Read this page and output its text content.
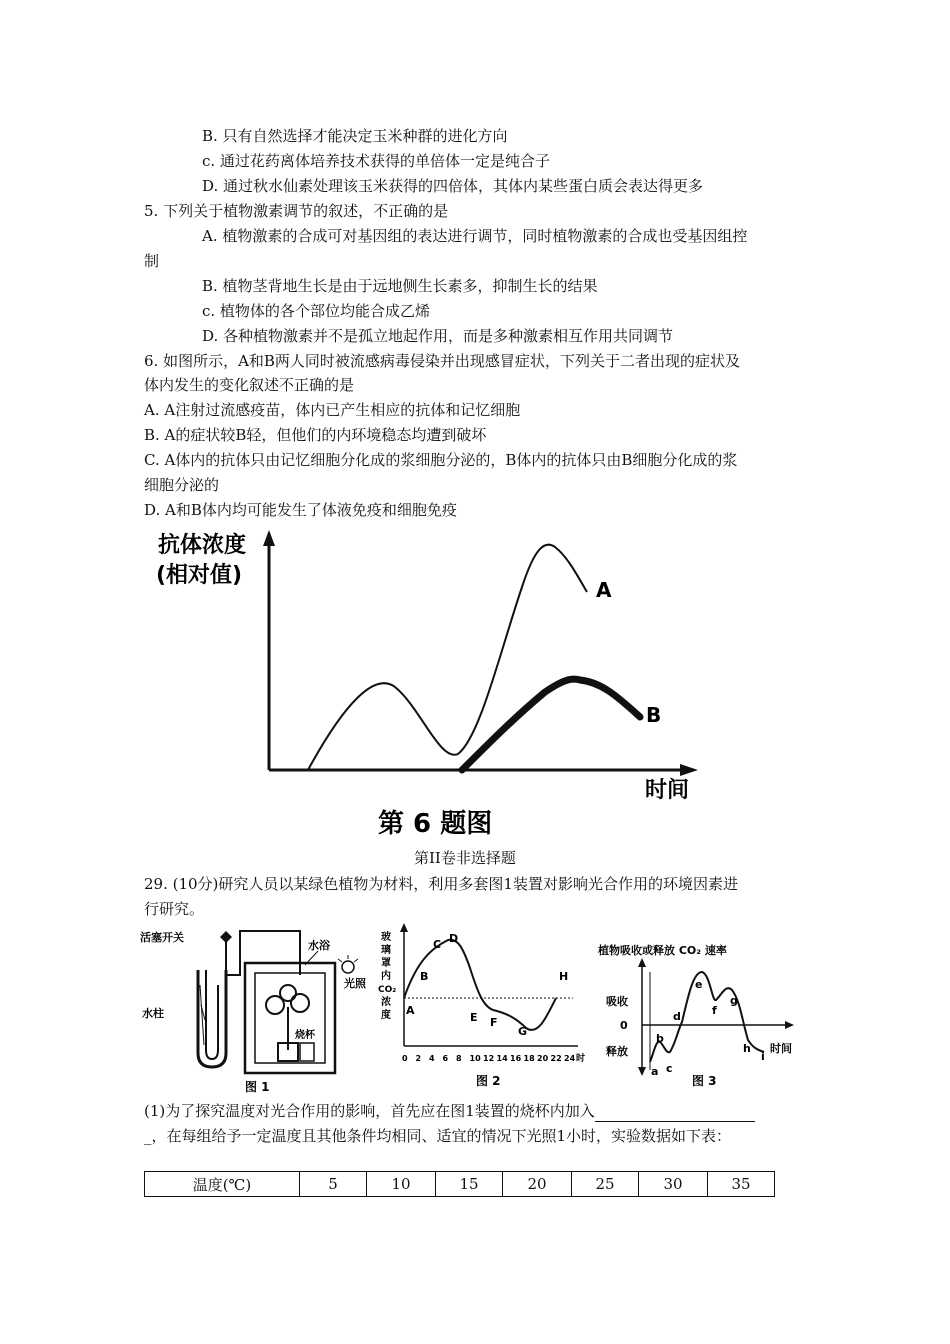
B. 只有自然选择才能决定玉米种群的进化方向
c. 通过花药离体培养技术获得的单倍体一定是纯合子
D. 通过秋水仙素处理该玉米获得的四倍体，其体内某些蛋白质会表达得更多
5. 下列关于植物激素调节的叙述，不正确的是
A. 植物激素的合成可对基因组的表达进行调节，同时植物激素的合成也受基因组控
制
B. 植物茎背地生长是由于远地侧生长素多，抑制生长的结果
c. 植物体的各个部位均能合成乙烯
D. 各种植物激素并不是孤立地起作用，而是多种激素相互作用共同调节
6. 如图所示，A和B两人同时被流感病毒侵染并出现感冒症状，下列关于二者出现的症状及
体内发生的变化叙述不正确的是
A. A注射过流感疫苗，体内已产生相应的抗体和记忆细胞
B. A的症状较B轻，但他们的内环境稳态均遭到破坏
C. A体内的抗体只由记忆细胞分化成的浆细胞分泌的，B体内的抗体只由B细胞分化成的浆
细胞分泌的
D. A和B体内均可能发生了体液免疫和细胞免疫
抗体浓度
(相对值)
时间
A
B
第 6 题图
第II卷非选择题
29. (10分)研究人员以某绿色植物为材料，利用多套图1装置对影响光合作用的环境因素进
行研究。
活塞开关
水浴
光照
水柱
烧杯
图 1
玻
璃
罩
内
CO₂
浓
度 A
B
C D
E F
G
H
0 2 4 6 8 10 12 14 16 18 20 22 24 时
图 2
植物吸收或释放 CO₂ 速率
吸收
0
释放
a
b
c
d
e
f
g
h
i
时间
图 3
(1)为了探究温度对光合作用的影响，首先应在图1装置的烧杯内加入
_，在每组给予一定温度且其他条件均相同、适宜的情况下光照1小时，实验数据如下表：
温度(℃)	5	10	15	20	25	30	35
